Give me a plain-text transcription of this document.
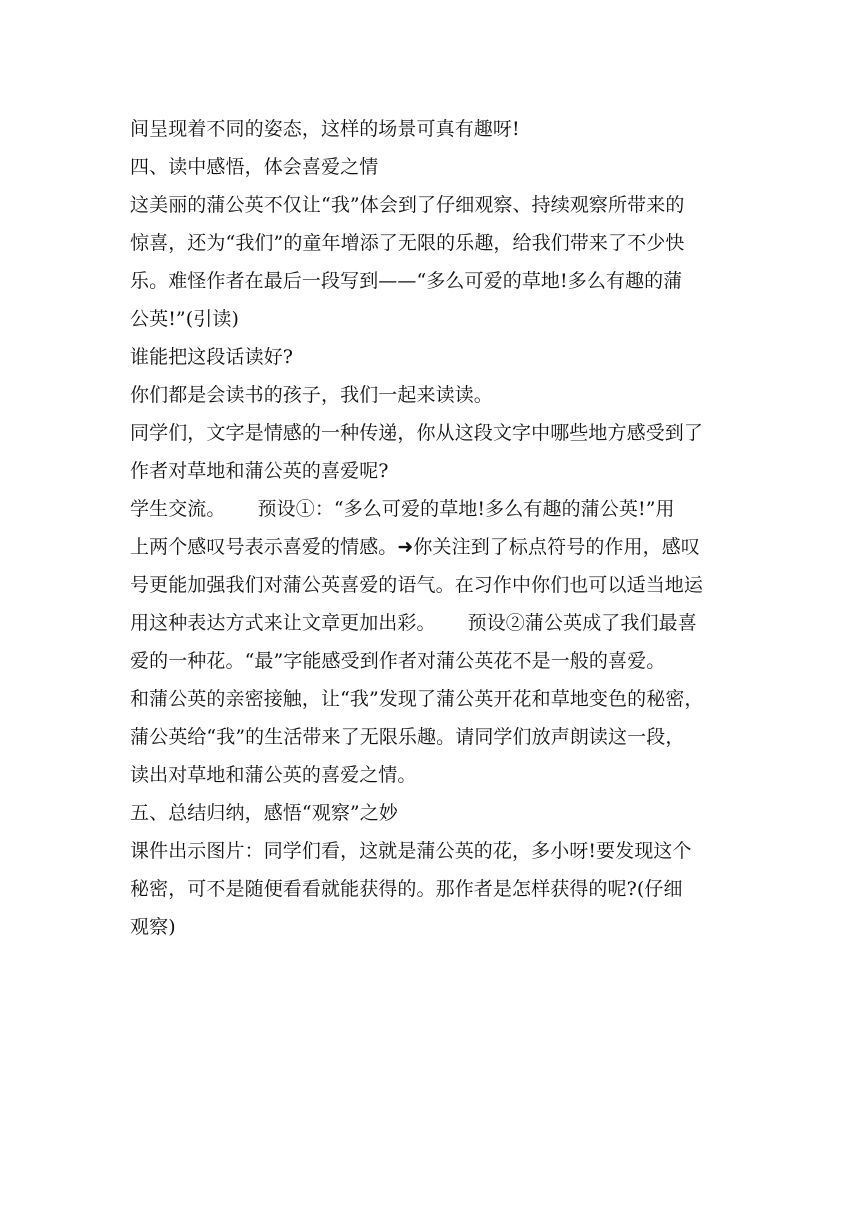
间呈现着不同的姿态，这样的场景可真有趣呀!

四、读中感悟，体会喜爱之情

这美丽的蒲公英不仅让“我”体会到了仔细观察、持续观察所带来的

惊喜，还为“我们”的童年增添了无限的乐趣，给我们带来了不少快

乐。难怪作者在最后一段写到——“多么可爱的草地!多么有趣的蒲

公英!”(引读)

谁能把这段话读好?

你们都是会读书的孩子，我们一起来读读。

同学们，文字是情感的一种传递，你从这段文字中哪些地方感受到了

作者对草地和蒲公英的喜爱呢?

学生交流。 预设①：“多么可爱的草地!多么有趣的蒲公英!”用

上两个感叹号表示喜爱的情感。➜你关注到了标点符号的作用，感叹

号更能加强我们对蒲公英喜爱的语气。在习作中你们也可以适当地运

用这种表达方式来让文章更加出彩。 预设②蒲公英成了我们最喜

爱的一种花。“最”字能感受到作者对蒲公英花不是一般的喜爱。

和蒲公英的亲密接触，让“我”发现了蒲公英开花和草地变色的秘密，

蒲公英给“我”的生活带来了无限乐趣。请同学们放声朗读这一段，

读出对草地和蒲公英的喜爱之情。

五、总结归纳，感悟“观察”之妙

课件出示图片：同学们看，这就是蒲公英的花，多小呀!要发现这个

秘密，可不是随便看看就能获得的。那作者是怎样获得的呢?(仔细

观察)
